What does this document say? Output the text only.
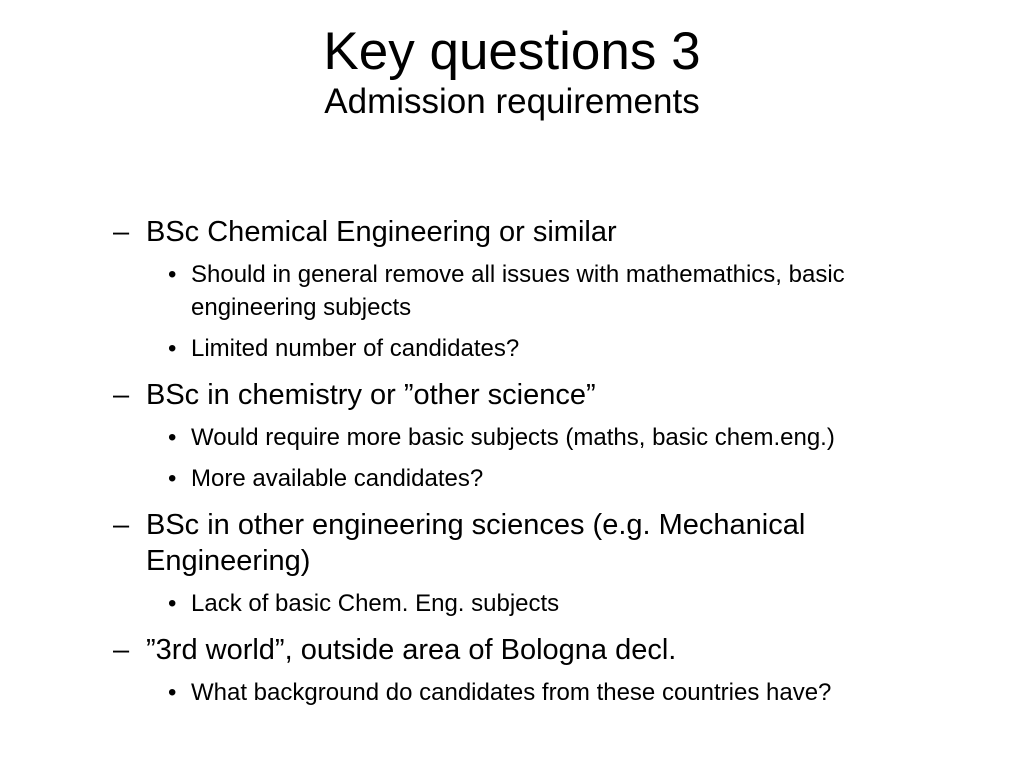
Key questions 3
Admission requirements
– BSc Chemical Engineering or similar
• Should in general remove all issues with mathemathics, basic engineering subjects
• Limited number of candidates?
– BSc in chemistry or ”other science”
• Would require more basic subjects (maths, basic chem.eng.)
• More available candidates?
– BSc in other engineering sciences (e.g. Mechanical Engineering)
• Lack of basic Chem. Eng. subjects
– ”3rd world”, outside area of Bologna decl.
• What background do candidates from these countries have?
